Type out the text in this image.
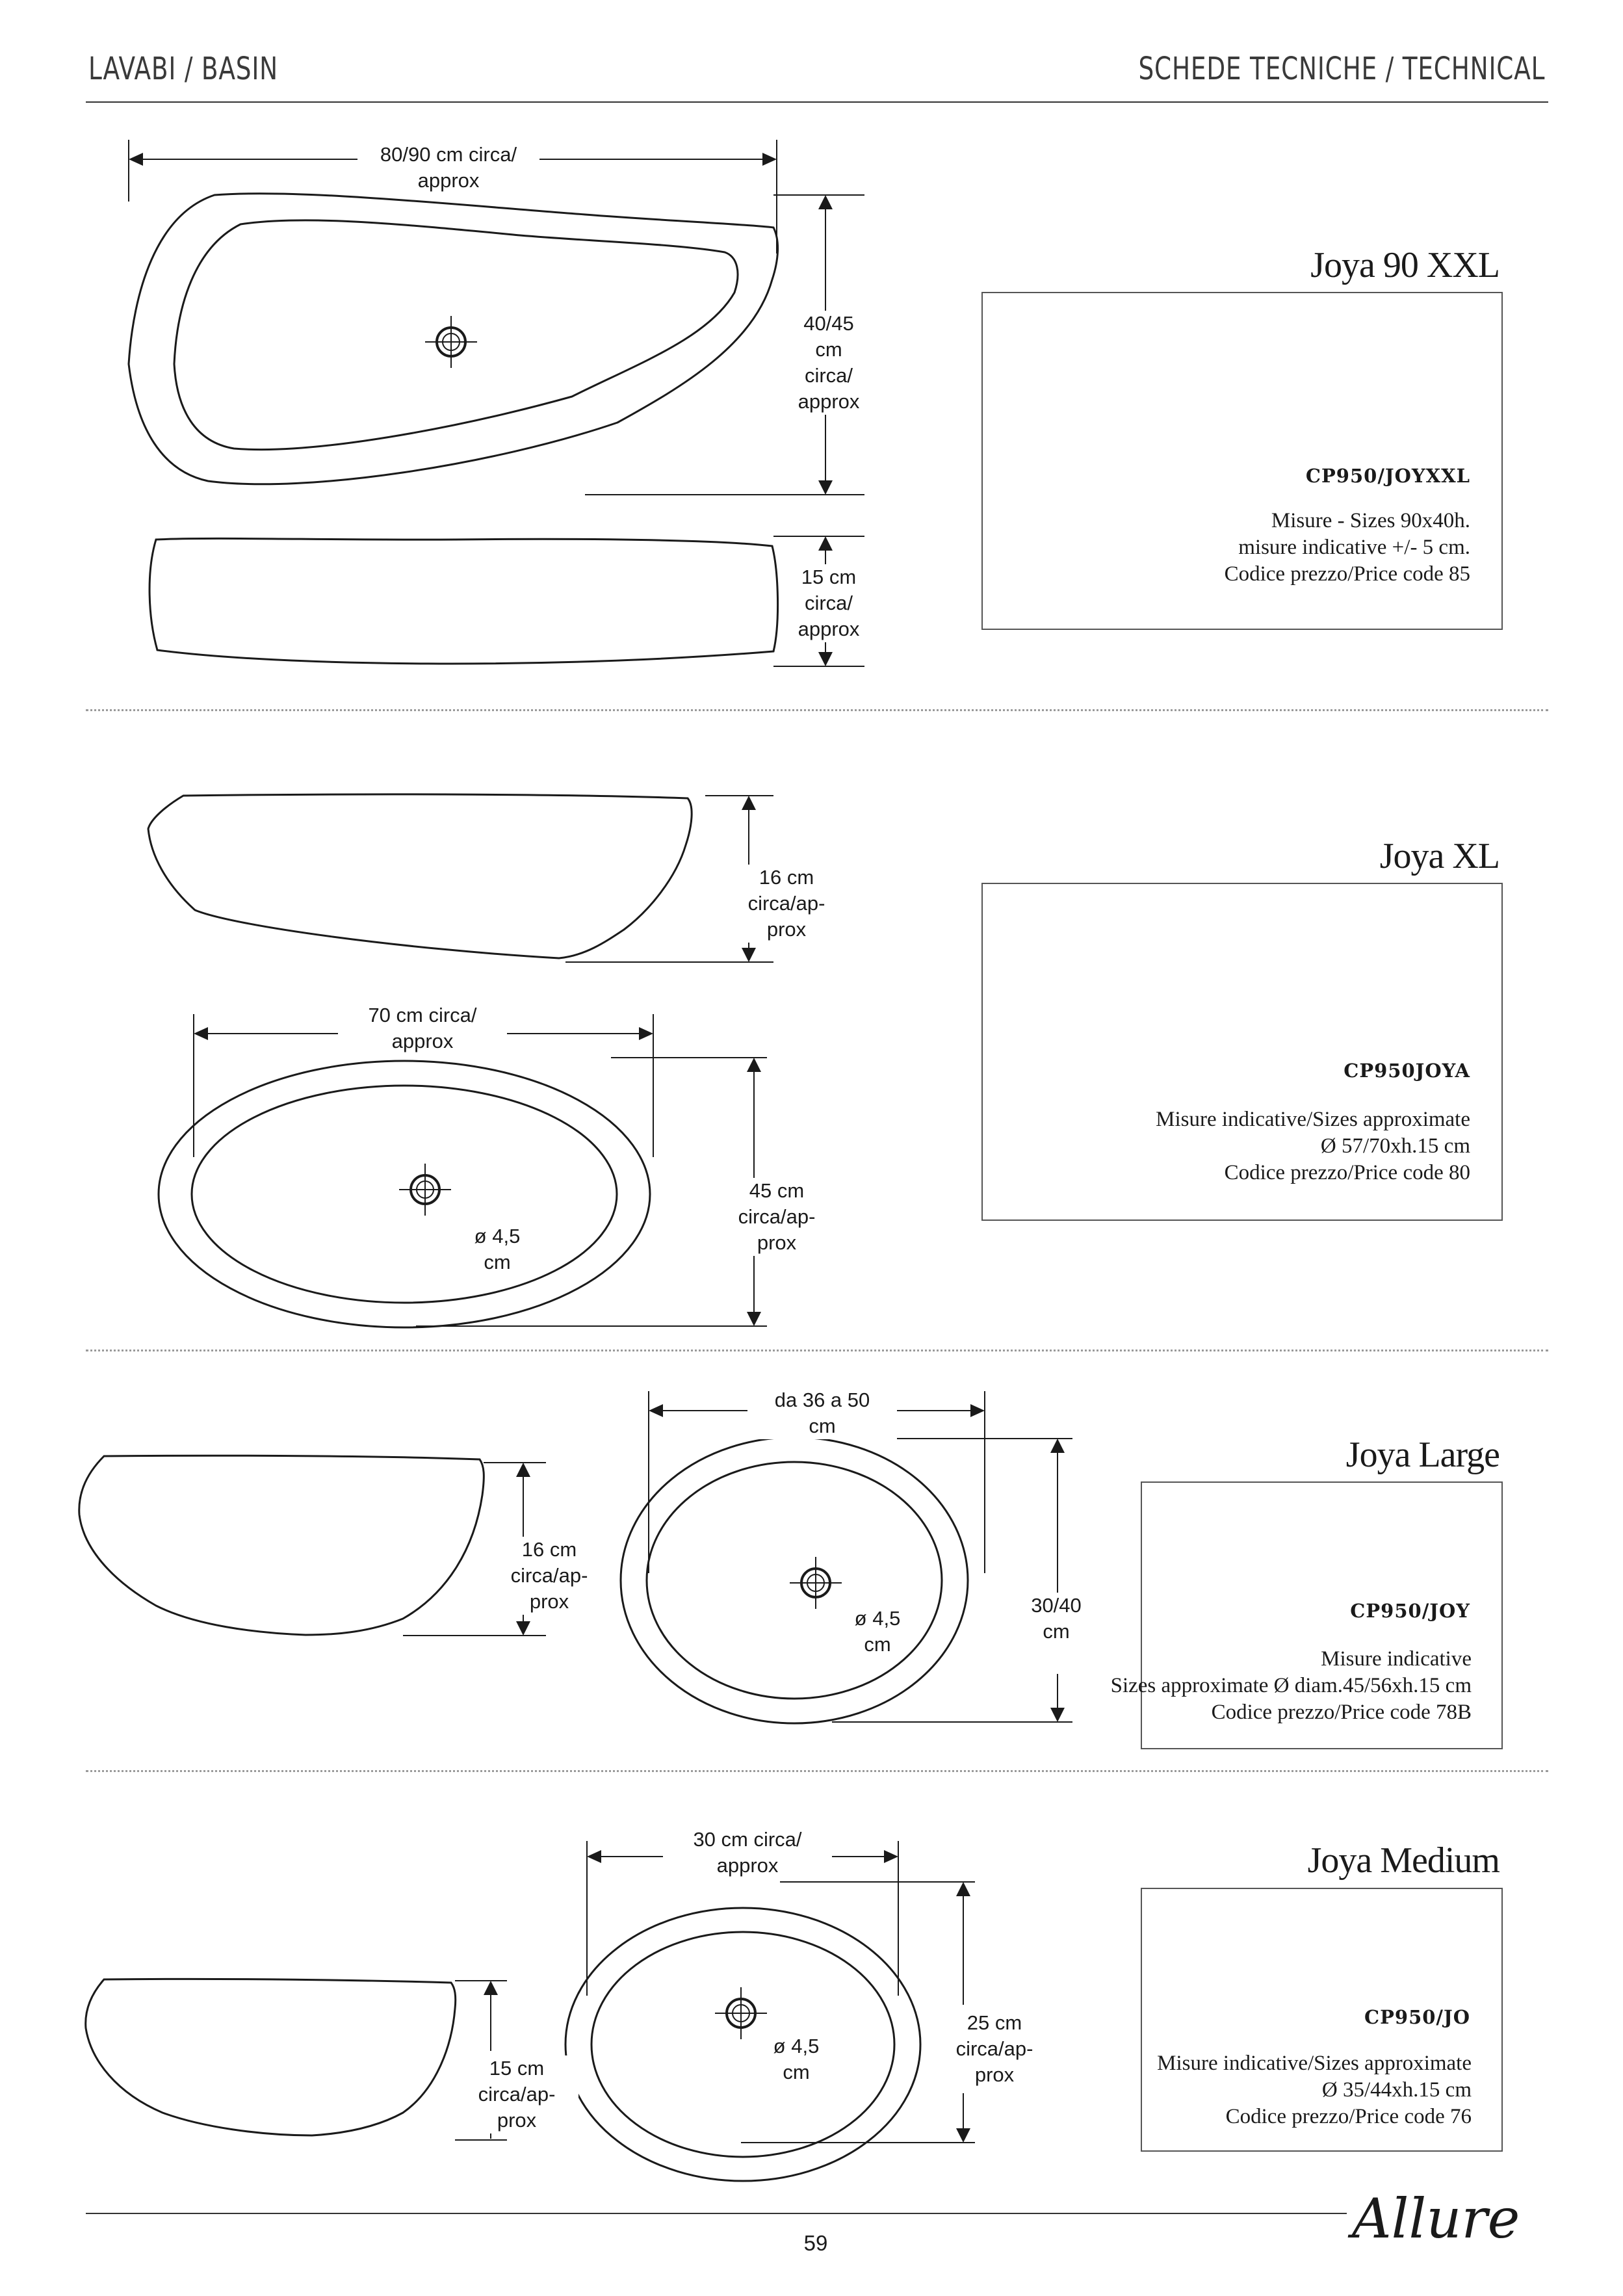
LAVABI / BASIN	SCHEDE TECNICHE / TECHNICAL
80/90 cm circa/
approx
40/45
cm
circa/
approx
15 cm
circa/
approx
Joya 90 XXL
CP950/JOYXXL
Misure - Sizes 90x40h.
misure indicative +/- 5 cm.
Codice prezzo/Price code 85
16 cm
circa/ap-
prox
70 cm circa/
approx
45 cm
circa/ap-
prox
ø 4,5
cm
Joya XL
CP950JOYA
Misure indicative/Sizes approximate
Ø 57/70xh.15 cm
Codice prezzo/Price code 80
da 36 a 50
cm
16 cm
circa/ap-
prox	30/40
cm
ø 4,5
cm
Joya Large
CP950/JOY
Misure indicative
Sizes approximate Ø diam.45/56xh.15 cm
Codice prezzo/Price code 78B
30 cm circa/
approx
25 cm
circa/ap-
prox
ø 4,5
cm
15 cm
circa/ap-
prox
Joya Medium
CP950/JO
Misure indicative/Sizes approximate
Ø 35/44xh.15 cm
Codice prezzo/Price code 76
59	Allure
